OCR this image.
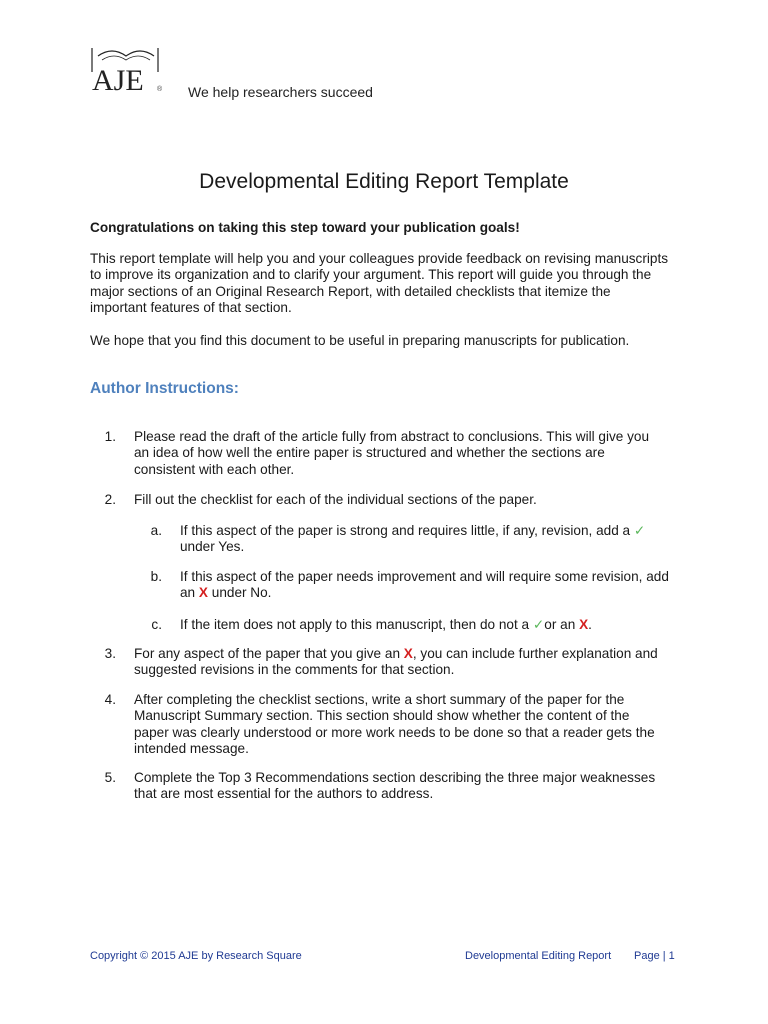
AJE ® We help researchers succeed
Developmental Editing Report Template
Congratulations on taking this step toward your publication goals!
This report template will help you and your colleagues provide feedback on revising manuscripts
to improve its organization and to clarify your argument. This report will guide you through the
major sections of an Original Research Report, with detailed checklists that itemize the
important features of that section.
We hope that you find this document to be useful in preparing manuscripts for publication.
Author Instructions:
1. Please read the draft of the article fully from abstract to conclusions. This will give you
an idea of how well the entire paper is structured and whether the sections are
consistent with each other.
2. Fill out the checklist for each of the individual sections of the paper.
a. If this aspect of the paper is strong and requires little, if any, revision, add a ✓
under Yes.
b. If this aspect of the paper needs improvement and will require some revision, add
an X under No.
c. If the item does not apply to this manuscript, then do not a ✓or an X.
3. For any aspect of the paper that you give an X, you can include further explanation and
suggested revisions in the comments for that section.
4. After completing the checklist sections, write a short summary of the paper for the
Manuscript Summary section. This section should show whether the content of the
paper was clearly understood or more work needs to be done so that a reader gets the
intended message.
5. Complete the Top 3 Recommendations section describing the three major weaknesses
that are most essential for the authors to address.
Copyright © 2015 AJE by Research Square	Developmental Editing Report Page | 1
